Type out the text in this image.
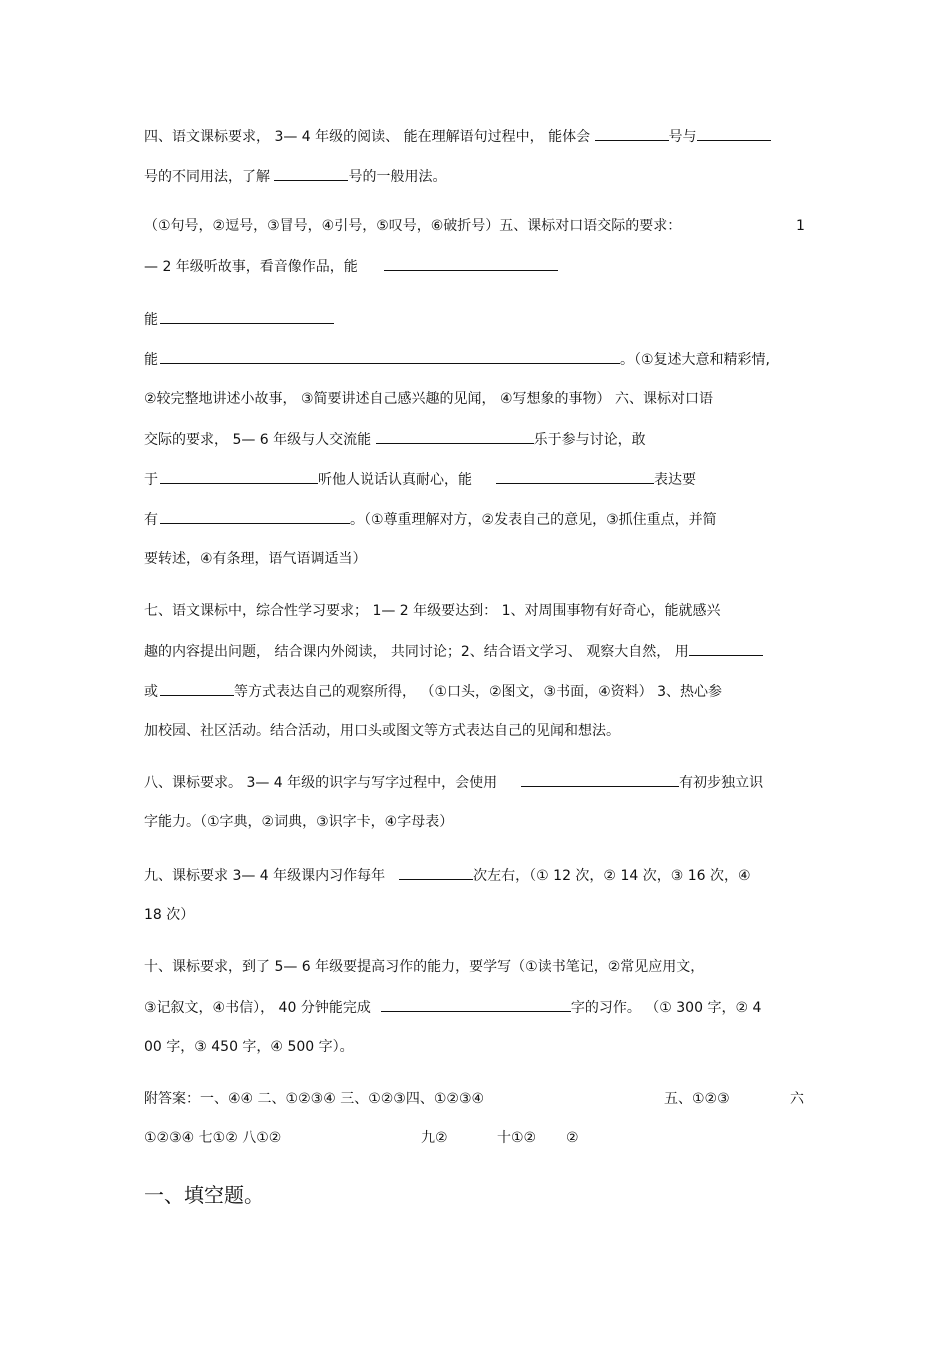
四、语文课标要求， 3— 4 年级的阅读、 能在理解语句过程中， 能体会	号与
号的不同用法，了解	号的一般用法。
（①句号，②逗号，③冒号，④引号，⑤叹号，⑥破折号）五、课标对口语交际的要求：	1
— 2 年级听故事，看音像作品，能
能
能	。（①复述大意和精彩情,
②较完整地讲述小故事， ③简要讲述自己感兴趣的见闻， ④写想象的事物） 六、课标对口语
交际的要求， 5— 6 年级与人交流能	乐于参与讨论，敢
于	听他人说话认真耐心，能	表达要
有	。（①尊重理解对方，②发表自己的意见，③抓住重点，并简
要转述，④有条理，语气语调适当）
七、语文课标中，综合性学习要求； 1— 2 年级要达到： 1、对周围事物有好奇心，能就感兴
趣的内容提出问题， 结合课内外阅读， 共同讨论；2、结合语文学习、 观察大自然， 用
或	等方式表达自己的观察所得， （①口头，②图文，③书面，④资料） 3、热心参
加校园、社区活动。结合活动，用口头或图文等方式表达自己的见闻和想法。
八、课标要求。 3— 4 年级的识字与写字过程中，会使用	有初步独立识
字能力。（①字典，②词典，③识字卡，④字母表）
九、课标要求 3— 4 年级课内习作每年	次左右，（① 12 次，② 14 次，③ 16 次，④
18 次）
十、课标要求，到了 5— 6 年级要提高习作的能力，要学写（①读书笔记，②常见应用文，
③记叙文，④书信）， 40 分钟能完成	字的习作。 （① 300 字，② 4
00 字，③ 450 字，④ 500 字）。
附答案：一、④④ 二、①②③④ 三、①②③四、①②③④	五、①②③	六
①②③④ 七①② 八①②	九②	十①② ②
一、填空题。
